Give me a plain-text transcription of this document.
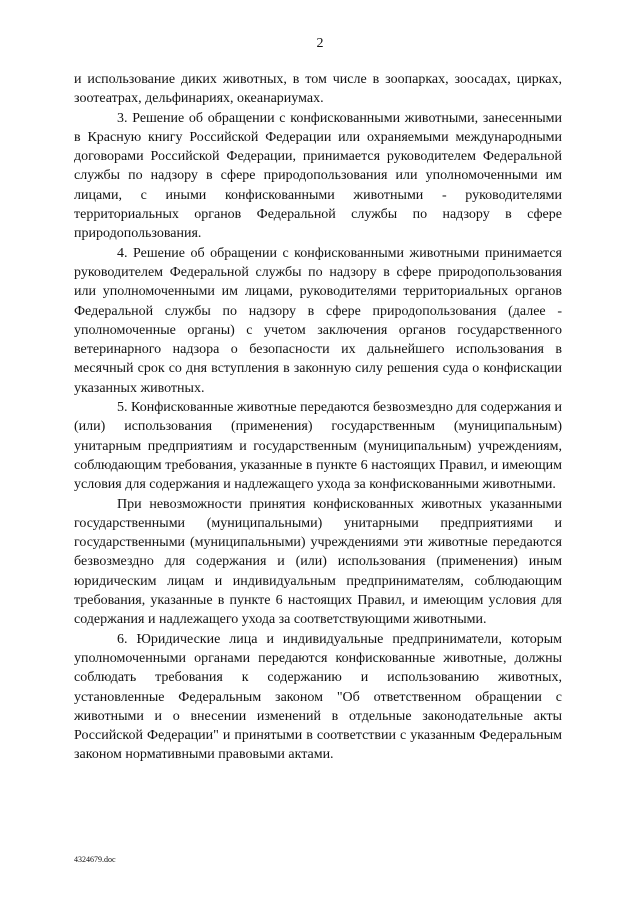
2

и использование диких животных, в том числе в зоопарках, зоосадах, цирках, зоотеатрах, дельфинариях, океанариумах.

3. Решение об обращении с конфискованными животными, занесенными в Красную книгу Российской Федерации или охраняемыми международными договорами Российской Федерации, принимается руководителем Федеральной службы по надзору в сфере природопользования или уполномоченными им лицами, с иными конфискованными животными - руководителями территориальных органов Федеральной службы по надзору в сфере природопользования.

4. Решение об обращении с конфискованными животными принимается руководителем Федеральной службы по надзору в сфере природопользования или уполномоченными им лицами, руководителями территориальных органов Федеральной службы по надзору в сфере природопользования (далее - уполномоченные органы) с учетом заключения органов государственного ветеринарного надзора о безопасности их дальнейшего использования в месячный срок со дня вступления в законную силу решения суда о конфискации указанных животных.

5. Конфискованные животные передаются безвозмездно для содержания и (или) использования (применения) государственным (муниципальным) унитарным предприятиям и государственным (муниципальным) учреждениям, соблюдающим требования, указанные в пункте 6 настоящих Правил, и имеющим условия для содержания и надлежащего ухода за конфискованными животными.

При невозможности принятия конфискованных животных указанными государственными (муниципальными) унитарными предприятиями и государственными (муниципальными) учреждениями эти животные передаются безвозмездно для содержания и (или) использования (применения) иным юридическим лицам и индивидуальным предпринимателям, соблюдающим требования, указанные в пункте 6 настоящих Правил, и имеющим условия для содержания и надлежащего ухода за соответствующими животными.

6. Юридические лица и индивидуальные предприниматели, которым уполномоченными органами передаются конфискованные животные, должны соблюдать требования к содержанию и использованию животных, установленные Федеральным законом "Об ответственном обращении с животными и о внесении изменений в отдельные законодательные акты Российской Федерации" и принятыми в соответствии с указанным Федеральным законом нормативными правовыми актами.

4324679.doc
